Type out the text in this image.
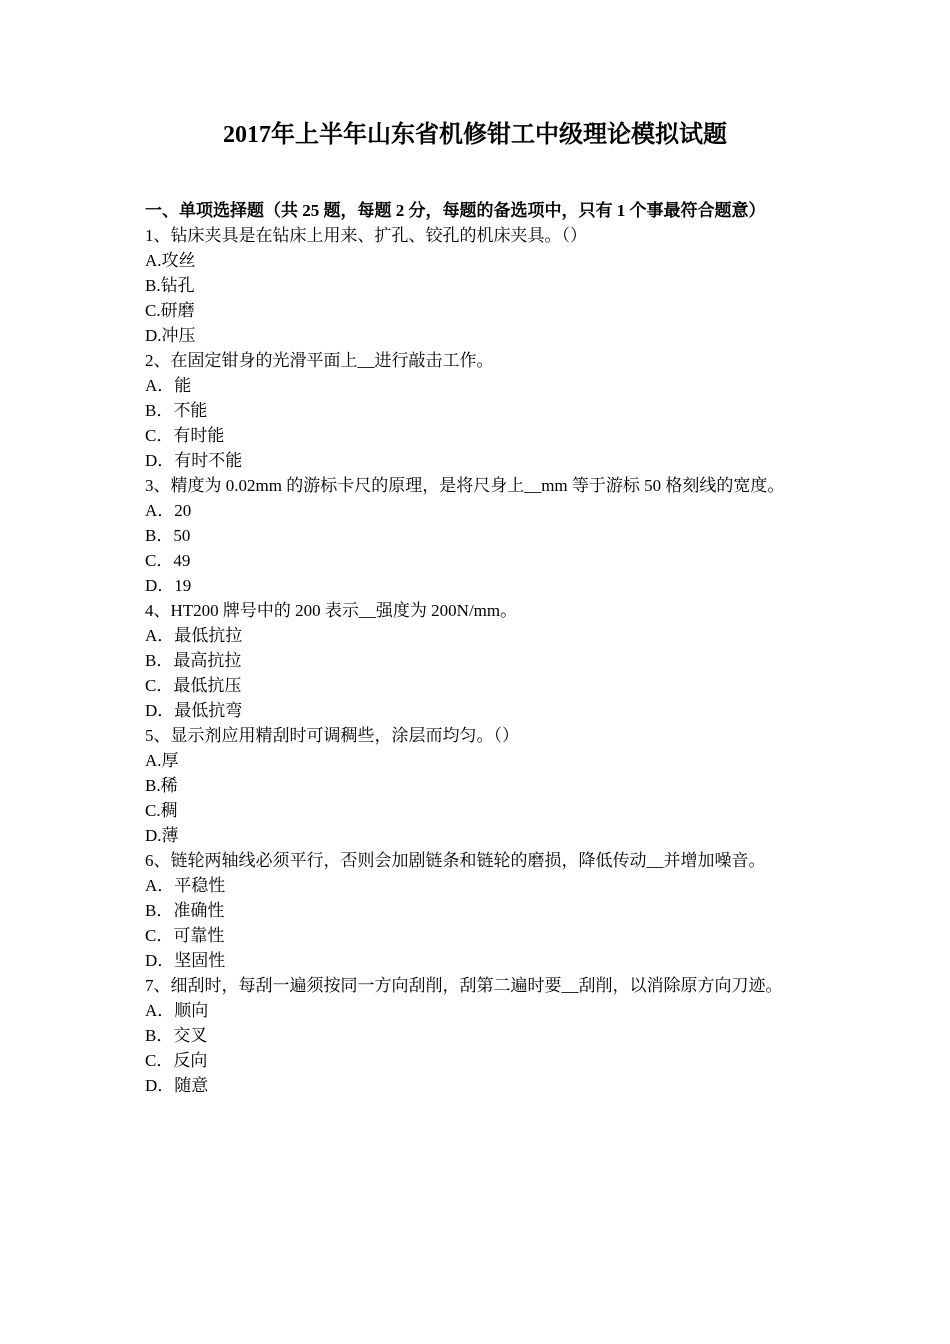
2017年上半年山东省机修钳工中级理论模拟试题

一、单项选择题（共 25 题，每题 2 分，每题的备选项中，只有 1 个事最符合题意）

1、钻床夹具是在钻床上用来、扩孔、铰孔的机床夹具。（）

A.攻丝

B.钻孔

C.研磨

D.冲压

2、在固定钳身的光滑平面上__进行敲击工作。

A．能

B．不能

C．有时能

D．有时不能

3、精度为 0.02mm 的游标卡尺的原理，是将尺身上__mm 等于游标 50 格刻线的宽度。

A．20

B．50

C．49

D．19

4、HT200 牌号中的 200 表示__强度为 200N/mm。

A．最低抗拉

B．最高抗拉

C．最低抗压

D．最低抗弯

5、显示剂应用精刮时可调稠些，涂层而均匀。（）

A.厚

B.稀

C.稠

D.薄

6、链轮两轴线必须平行，否则会加剧链条和链轮的磨损，降低传动__并增加噪音。

A．平稳性

B．准确性

C．可靠性

D．坚固性

7、细刮时，每刮一遍须按同一方向刮削，刮第二遍时要__刮削，以消除原方向刀迹。

A．顺向

B．交叉

C．反向

D．随意
